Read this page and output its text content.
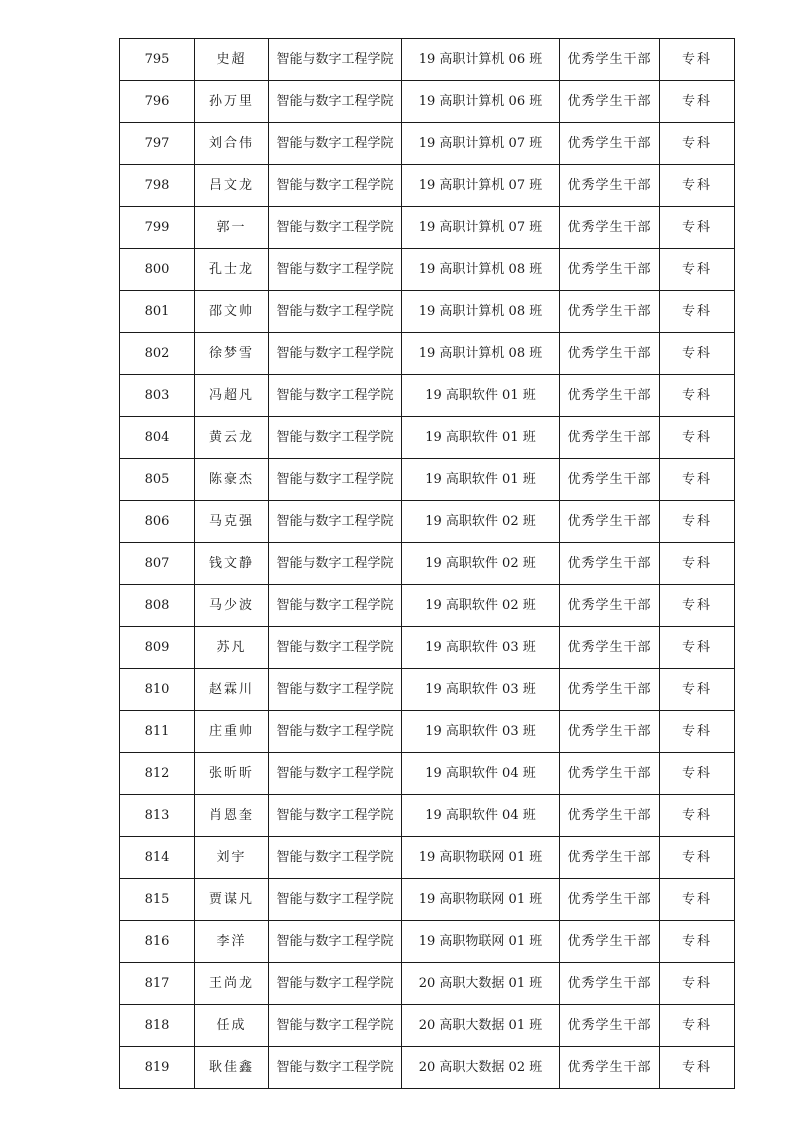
795	史超	智能与数字工程学院	19 高职计算机 06 班	优秀学生干部	专科
796	孙万里	智能与数字工程学院	19 高职计算机 06 班	优秀学生干部	专科
797	刘合伟	智能与数字工程学院	19 高职计算机 07 班	优秀学生干部	专科
798	吕文龙	智能与数字工程学院	19 高职计算机 07 班	优秀学生干部	专科
799	郭一	智能与数字工程学院	19 高职计算机 07 班	优秀学生干部	专科
800	孔士龙	智能与数字工程学院	19 高职计算机 08 班	优秀学生干部	专科
801	邵文帅	智能与数字工程学院	19 高职计算机 08 班	优秀学生干部	专科
802	徐梦雪	智能与数字工程学院	19 高职计算机 08 班	优秀学生干部	专科
803	冯超凡	智能与数字工程学院	19 高职软件 01 班	优秀学生干部	专科
804	黄云龙	智能与数字工程学院	19 高职软件 01 班	优秀学生干部	专科
805	陈豪杰	智能与数字工程学院	19 高职软件 01 班	优秀学生干部	专科
806	马克强	智能与数字工程学院	19 高职软件 02 班	优秀学生干部	专科
807	钱文静	智能与数字工程学院	19 高职软件 02 班	优秀学生干部	专科
808	马少波	智能与数字工程学院	19 高职软件 02 班	优秀学生干部	专科
809	苏凡	智能与数字工程学院	19 高职软件 03 班	优秀学生干部	专科
810	赵霖川	智能与数字工程学院	19 高职软件 03 班	优秀学生干部	专科
811	庄重帅	智能与数字工程学院	19 高职软件 03 班	优秀学生干部	专科
812	张昕昕	智能与数字工程学院	19 高职软件 04 班	优秀学生干部	专科
813	肖恩奎	智能与数字工程学院	19 高职软件 04 班	优秀学生干部	专科
814	刘宇	智能与数字工程学院	19 高职物联网 01 班	优秀学生干部	专科
815	贾谋凡	智能与数字工程学院	19 高职物联网 01 班	优秀学生干部	专科
816	李洋	智能与数字工程学院	19 高职物联网 01 班	优秀学生干部	专科
817	王尚龙	智能与数字工程学院	20 高职大数据 01 班	优秀学生干部	专科
818	任成	智能与数字工程学院	20 高职大数据 01 班	优秀学生干部	专科
819	耿佳鑫	智能与数字工程学院	20 高职大数据 02 班	优秀学生干部	专科
